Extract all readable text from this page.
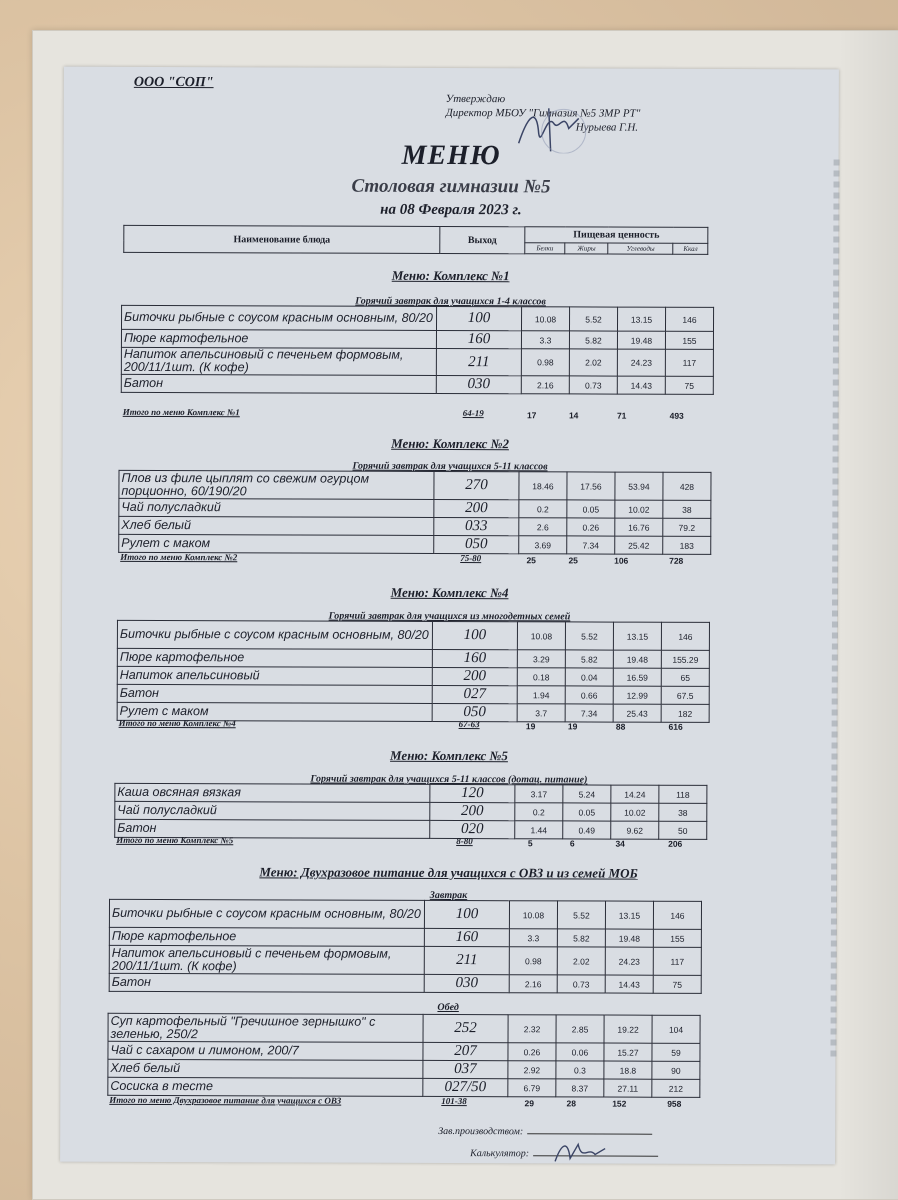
ООО "СОП"
Утверждаю
Директор МБОУ "Гимназия №5 ЗМР РТ"
Нурыева Г.Н.
МЕНЮ
Столовая гимназии №5
на 08 Февраля 2023 г.
Наименование блюда	Выход	Пищевая ценность			
		Белки	Жиры	Углеводы	Ккал
Меню: Комплекс №1
Горячий завтрак для учащихся 1-4 классов
Биточки рыбные с соусом красным основным, 80/20	100	10.08	5.52	13.15	146
Пюре картофельное	160	3.3	5.82	19.48	155
Напиток апельсиновый с печеньем формовым, 200/11/1шт. (К кофе)	211	0.98	2.02	24.23	117
Батон	030	2.16	0.73	14.43	75
Итого по меню Комплекс №1	64-19	17	14	71	493
Меню: Комплекс №2
Горячий завтрак для учащихся 5-11 классов
Плов из филе цыплят со свежим огурцом порционно, 60/190/20	270	18.46	17.56	53.94	428
Чай полусладкий	200	0.2	0.05	10.02	38
Хлеб белый	033	2.6	0.26	16.76	79.2
Рулет с маком	050	3.69	7.34	25.42	183
Итого по меню Комплекс №2	75-80	25	25	106	728
Меню: Комплекс №4
Горячий завтрак для учащихся из многодетных семей
Биточки рыбные с соусом красным основным, 80/20	100	10.08	5.52	13.15	146
Пюре картофельное	160	3.29	5.82	19.48	155.29
Напиток апельсиновый	200	0.18	0.04	16.59	65
Батон	027	1.94	0.66	12.99	67.5
Рулет с маком	050	3.7	7.34	25.43	182
Итого по меню Комплекс №4	67-63	19	19	88	616
Меню: Комплекс №5
Горячий завтрак для учащихся 5-11 классов (дотац. питание)
Каша овсяная вязкая	120	3.17	5.24	14.24	118
Чай полусладкий	200	0.2	0.05	10.02	38
Батон	020	1.44	0.49	9.62	50
Итого по меню Комплекс №5	8-80	5	6	34	206
Меню: Двухразовое питание для учащихся с ОВЗ и из семей МОБ
Завтрак
Биточки рыбные с соусом красным основным, 80/20	100	10.08	5.52	13.15	146
Пюре картофельное	160	3.3	5.82	19.48	155
Напиток апельсиновый с печеньем формовым, 200/11/1шт. (К кофе)	211	0.98	2.02	24.23	117
Батон	030	2.16	0.73	14.43	75
Обед
Суп картофельный "Гречишное зернышко" с зеленью, 250/2	252	2.32	2.85	19.22	104
Чай с сахаром и лимоном, 200/7	207	0.26	0.06	15.27	59
Хлеб белый	037	2.92	0.3	18.8	90
Сосиска в тесте	027/50	6.79	8.37	27.11	212
Итого по меню Двухразовое питание для учащихся с ОВЗ	101-38	29	28	152	958
Зав.производством:
Калькулятор:
